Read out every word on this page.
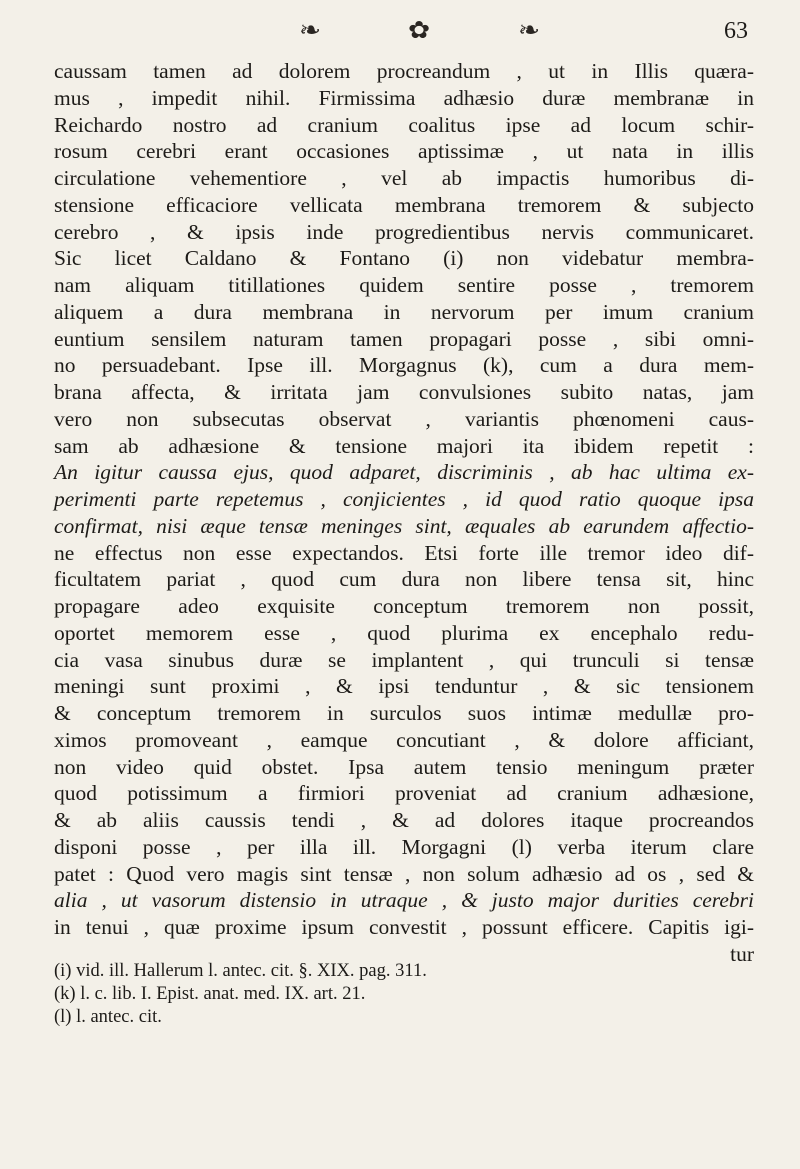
❧	✿	❧	63
caussam tamen ad dolorem procreandum , ut in Illis quæra-
mus , impedit nihil. Firmissima adhæsio duræ membranæ in
Reichardo nostro ad cranium coalitus ipse ad locum schir-
rosum cerebri erant occasiones aptissimæ , ut nata in illis
circulatione vehementiore , vel ab impactis humoribus di-
stensione efficaciore vellicata membrana tremorem & subjecto
cerebro , & ipsis inde progredientibus nervis communicaret.
Sic licet Caldano & Fontano (i) non videbatur membra-
nam aliquam titillationes quidem sentire posse , tremorem
aliquem a dura membrana in nervorum per imum cranium
euntium sensilem naturam tamen propagari posse , sibi omni-
no persuadebant. Ipse ill. Morgagnus (k), cum a dura mem-
brana affecta, & irritata jam convulsiones subito natas, jam
vero non subsecutas observat , variantis phœnomeni caus-
sam ab adhæsione & tensione majori ita ibidem repetit :
An igitur caussa ejus, quod adparet, discriminis , ab hac ultima ex-
perimenti parte repetemus , conjicientes , id quod ratio quoque ipsa
confirmat, nisi æque tensæ meninges sint, æquales ab earundem affectio-
ne effectus non esse expectandos. Etsi forte ille tremor ideo dif-
ficultatem pariat , quod cum dura non libere tensa sit, hinc
propagare adeo exquisite conceptum tremorem non possit,
oportet memorem esse , quod plurima ex encephalo redu-
cia vasa sinubus duræ se implantent , qui trunculi si tensæ
meningi sunt proximi , & ipsi tenduntur , & sic tensionem
& conceptum tremorem in surculos suos intimæ medullæ pro-
ximos promoveant , eamque concutiant , & dolore afficiant,
non video quid obstet. Ipsa autem tensio meningum præter
quod potissimum a firmiori proveniat ad cranium adhæsione,
& ab aliis caussis tendi , & ad dolores itaque procreandos
disponi posse , per illa ill. Morgagni (l) verba iterum clare
patet : Quod vero magis sint tensæ , non solum adhæsio ad os , sed &
alia , ut vasorum distensio in utraque , & justo major durities cerebri
in tenui , quæ proxime ipsum convestit , possunt efficere. Capitis igi-
tur
(i) vid. ill. Hallerum l. antec. cit. §. XIX. pag. 311.
(k) l. c. lib. I. Epist. anat. med. IX. art. 21.
(l) l. antec. cit.
